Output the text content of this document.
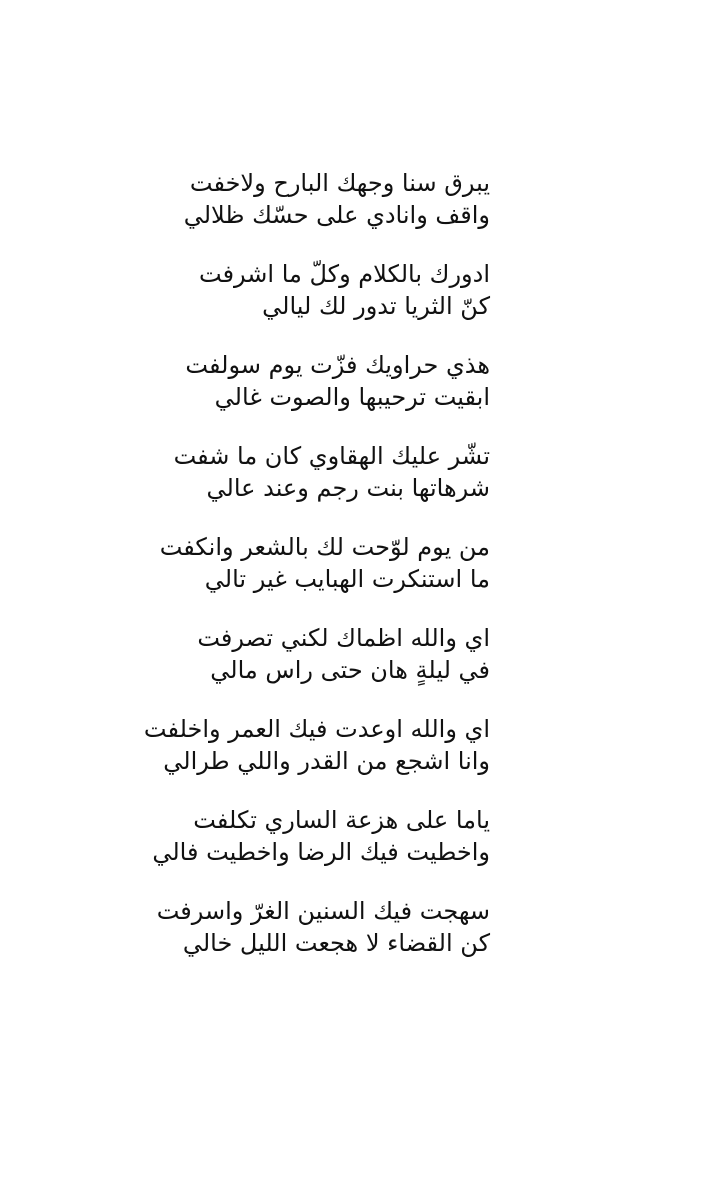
يبرق سنا وجهك البارح ولاخفت
واقف وانادي على حسّك ظلالي
ادورك بالكلام وكلّ ما اشرفت
كنّ الثريا تدور لك ليالي
هذي حراويك فزّت يوم سولفت
ابقيت ترحيبها والصوت غالي
تشّر عليك الهقاوي كان ما شفت
شرهاتها بنت رجم وعند عالي
من يوم لوّحت لك بالشعر وانكفت
ما استنكرت الهبايب غير تالي
اي والله اظماك لكني تصرفت
في ليلةٍ هان حتى راس مالي
اي والله اوعدت فيك العمر واخلفت
وانا اشجع من القدر واللي طرالي
ياما على هزعة الساري تكلفت
واخطيت فيك الرضا واخطيت فالي
سهجت فيك السنين الغرّ واسرفت
كن القضاء لا هجعت الليل خالي
